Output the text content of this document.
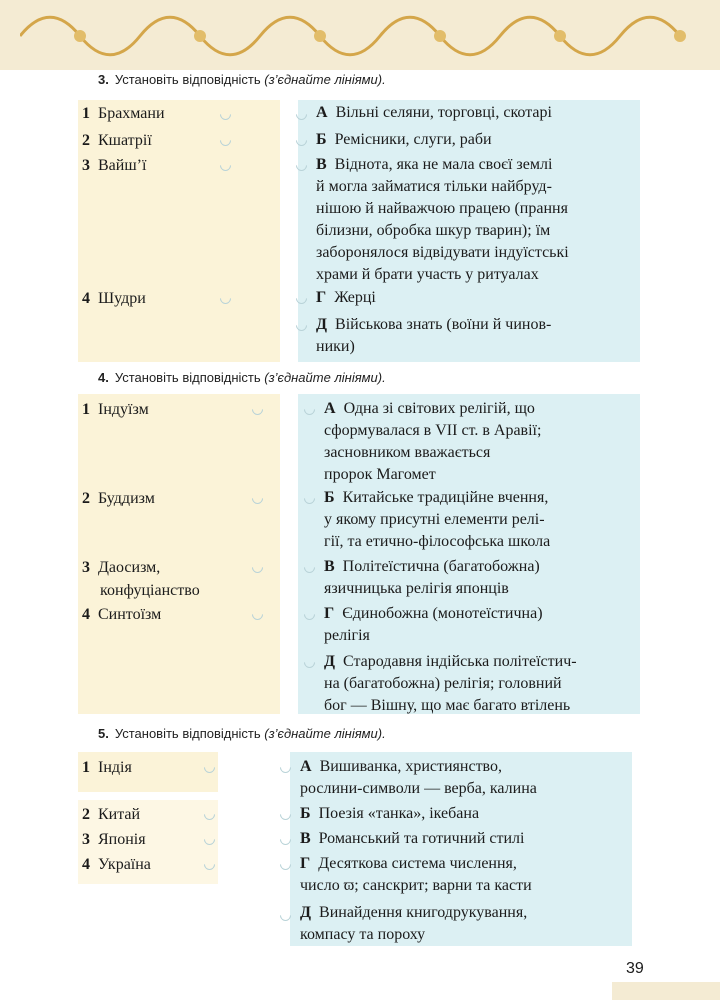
3. Установіть відповідність (з’єднайте лініями).
1 Брахмани
2 Кшатрії
3 Вайш’ї
4 Шудри
А Вільні селяни, торговці, скотарі
Б Ремісники, слуги, раби
В Віднота, яка не мала своєї землі
й могла займатися тільки найбруд-
нішою й найважчою працею (прання
білизни, обробка шкур тварин); їм
заборонялося відвідувати індуїстські
храми й брати участь у ритуалах
Г Жерці
Д Військова знать (воїни й чинов-
ники)
4. Установіть відповідність (з’єднайте лініями).
1 Індуїзм
2 Буддизм
3 Даосизм,
конфуціанство
4 Синтоїзм
А Одна зі світових релігій, що
сформувалася в VII ст. в Аравії;
засновником вважається
пророк Магомет
Б Китайське традиційне вчення,
у якому присутні елементи релі-
гії, та етично-філософська школа
В Політеїстична (багатобожна)
язичницька релігія японців
Г Єдинобожна (монотеїстична)
релігія
Д Стародавня індійська політеїстич-
на (багатобожна) релігія; головний
бог — Вішну, що має багато втілень
5. Установіть відповідність (з’єднайте лініями).
1 Індія
2 Китай
3 Японія
4 Україна
А Вишиванка, християнство,
рослини-символи — верба, калина
Б Поезія «танка», ікебана
В Романський та готичний стилі
Г Десяткова система числення,
число ϖ; санскрит; варни та касти
Д Винайдення книгодрукування,
компасу та пороху
39
